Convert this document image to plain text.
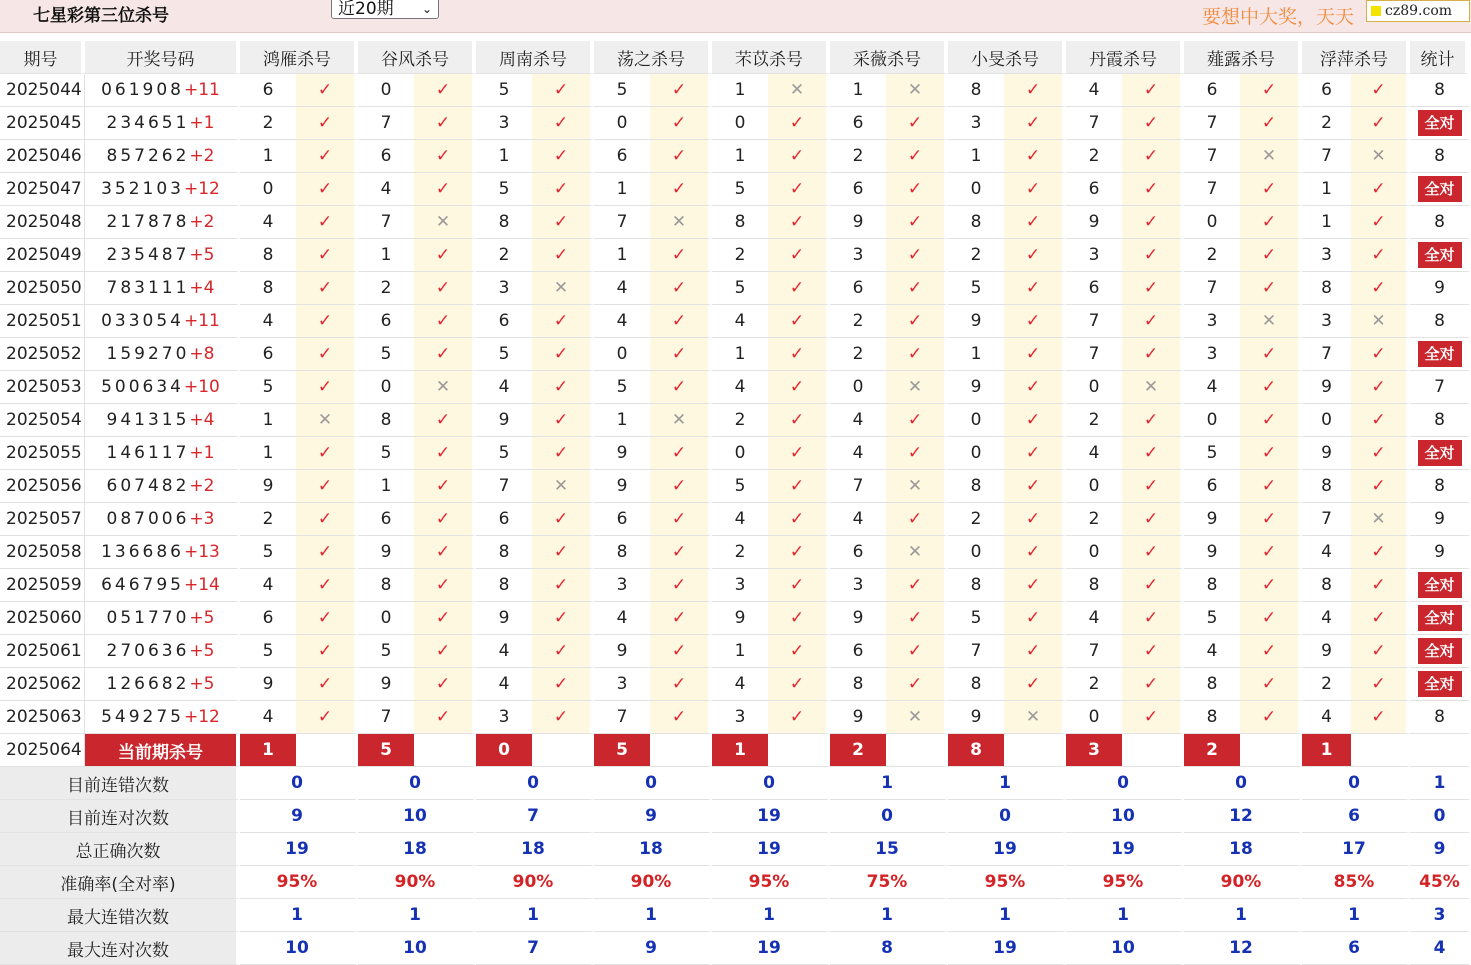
七星彩第三位杀号	近20期 ⌄	要想中大奖，天天	cz89.com
期号	开奖号码	鸿雁杀号		谷风杀号		周南杀号		荡之杀号		芣苡杀号		采薇杀号		小旻杀号		丹霞杀号		薤露杀号		浮萍杀号		统计
2025044	061908+11	6	✓	0	✓	5	✓	5	✓	1	✕	1	✕	8	✓	4	✓	6	✓	6	✓	8
2025045	234651+1	2	✓	7	✓	3	✓	0	✓	0	✓	6	✓	3	✓	7	✓	7	✓	2	✓	全对
2025046	857262+2	1	✓	6	✓	1	✓	6	✓	1	✓	2	✓	1	✓	2	✓	7	✕	7	✕	8
2025047	352103+12	0	✓	4	✓	5	✓	1	✓	5	✓	6	✓	0	✓	6	✓	7	✓	1	✓	全对
2025048	217878+2	4	✓	7	✕	8	✓	7	✕	8	✓	9	✓	8	✓	9	✓	0	✓	1	✓	8
2025049	235487+5	8	✓	1	✓	2	✓	1	✓	2	✓	3	✓	2	✓	3	✓	2	✓	3	✓	全对
2025050	783111+4	8	✓	2	✓	3	✕	4	✓	5	✓	6	✓	5	✓	6	✓	7	✓	8	✓	9
2025051	033054+11	4	✓	6	✓	6	✓	4	✓	4	✓	2	✓	9	✓	7	✓	3	✕	3	✕	8
2025052	159270+8	6	✓	5	✓	5	✓	0	✓	1	✓	2	✓	1	✓	7	✓	3	✓	7	✓	全对
2025053	500634+10	5	✓	0	✕	4	✓	5	✓	4	✓	0	✕	9	✓	0	✕	4	✓	9	✓	7
2025054	941315+4	1	✕	8	✓	9	✓	1	✕	2	✓	4	✓	0	✓	2	✓	0	✓	0	✓	8
2025055	146117+1	1	✓	5	✓	5	✓	9	✓	0	✓	4	✓	0	✓	4	✓	5	✓	9	✓	全对
2025056	607482+2	9	✓	1	✓	7	✕	9	✓	5	✓	7	✕	8	✓	0	✓	6	✓	8	✓	8
2025057	087006+3	2	✓	6	✓	6	✓	6	✓	4	✓	4	✓	2	✓	2	✓	9	✓	7	✕	9
2025058	136686+13	5	✓	9	✓	8	✓	8	✓	2	✓	6	✕	0	✓	0	✓	9	✓	4	✓	9
2025059	646795+14	4	✓	8	✓	8	✓	3	✓	3	✓	3	✓	8	✓	8	✓	8	✓	8	✓	全对
2025060	051770+5	6	✓	0	✓	9	✓	4	✓	9	✓	9	✓	5	✓	4	✓	5	✓	4	✓	全对
2025061	270636+5	5	✓	5	✓	4	✓	9	✓	1	✓	6	✓	7	✓	7	✓	4	✓	9	✓	全对
2025062	126682+5	9	✓	9	✓	4	✓	3	✓	4	✓	8	✓	8	✓	2	✓	8	✓	2	✓	全对
2025063	549275+12	4	✓	7	✓	3	✓	7	✓	3	✓	9	✕	9	✕	0	✓	8	✓	4	✓	8
2025064	当前期杀号	1		5		0		5		1		2		8		3		2		1		
目前连错次数		0		0		0		0		0		1		1		0		0		0		1
目前连对次数		9		10		7		9		19		0		0		10		12		6		0
总正确次数		19		18		18		18		19		15		19		19		18		17		9
准确率(全对率)		95%		90%		90%		90%		95%		75%		95%		95%		90%		85%		45%
最大连错次数		1		1		1		1		1		1		1		1		1		1		3
最大连对次数		10		10		7		9		19		8		19		10		12		6		4
